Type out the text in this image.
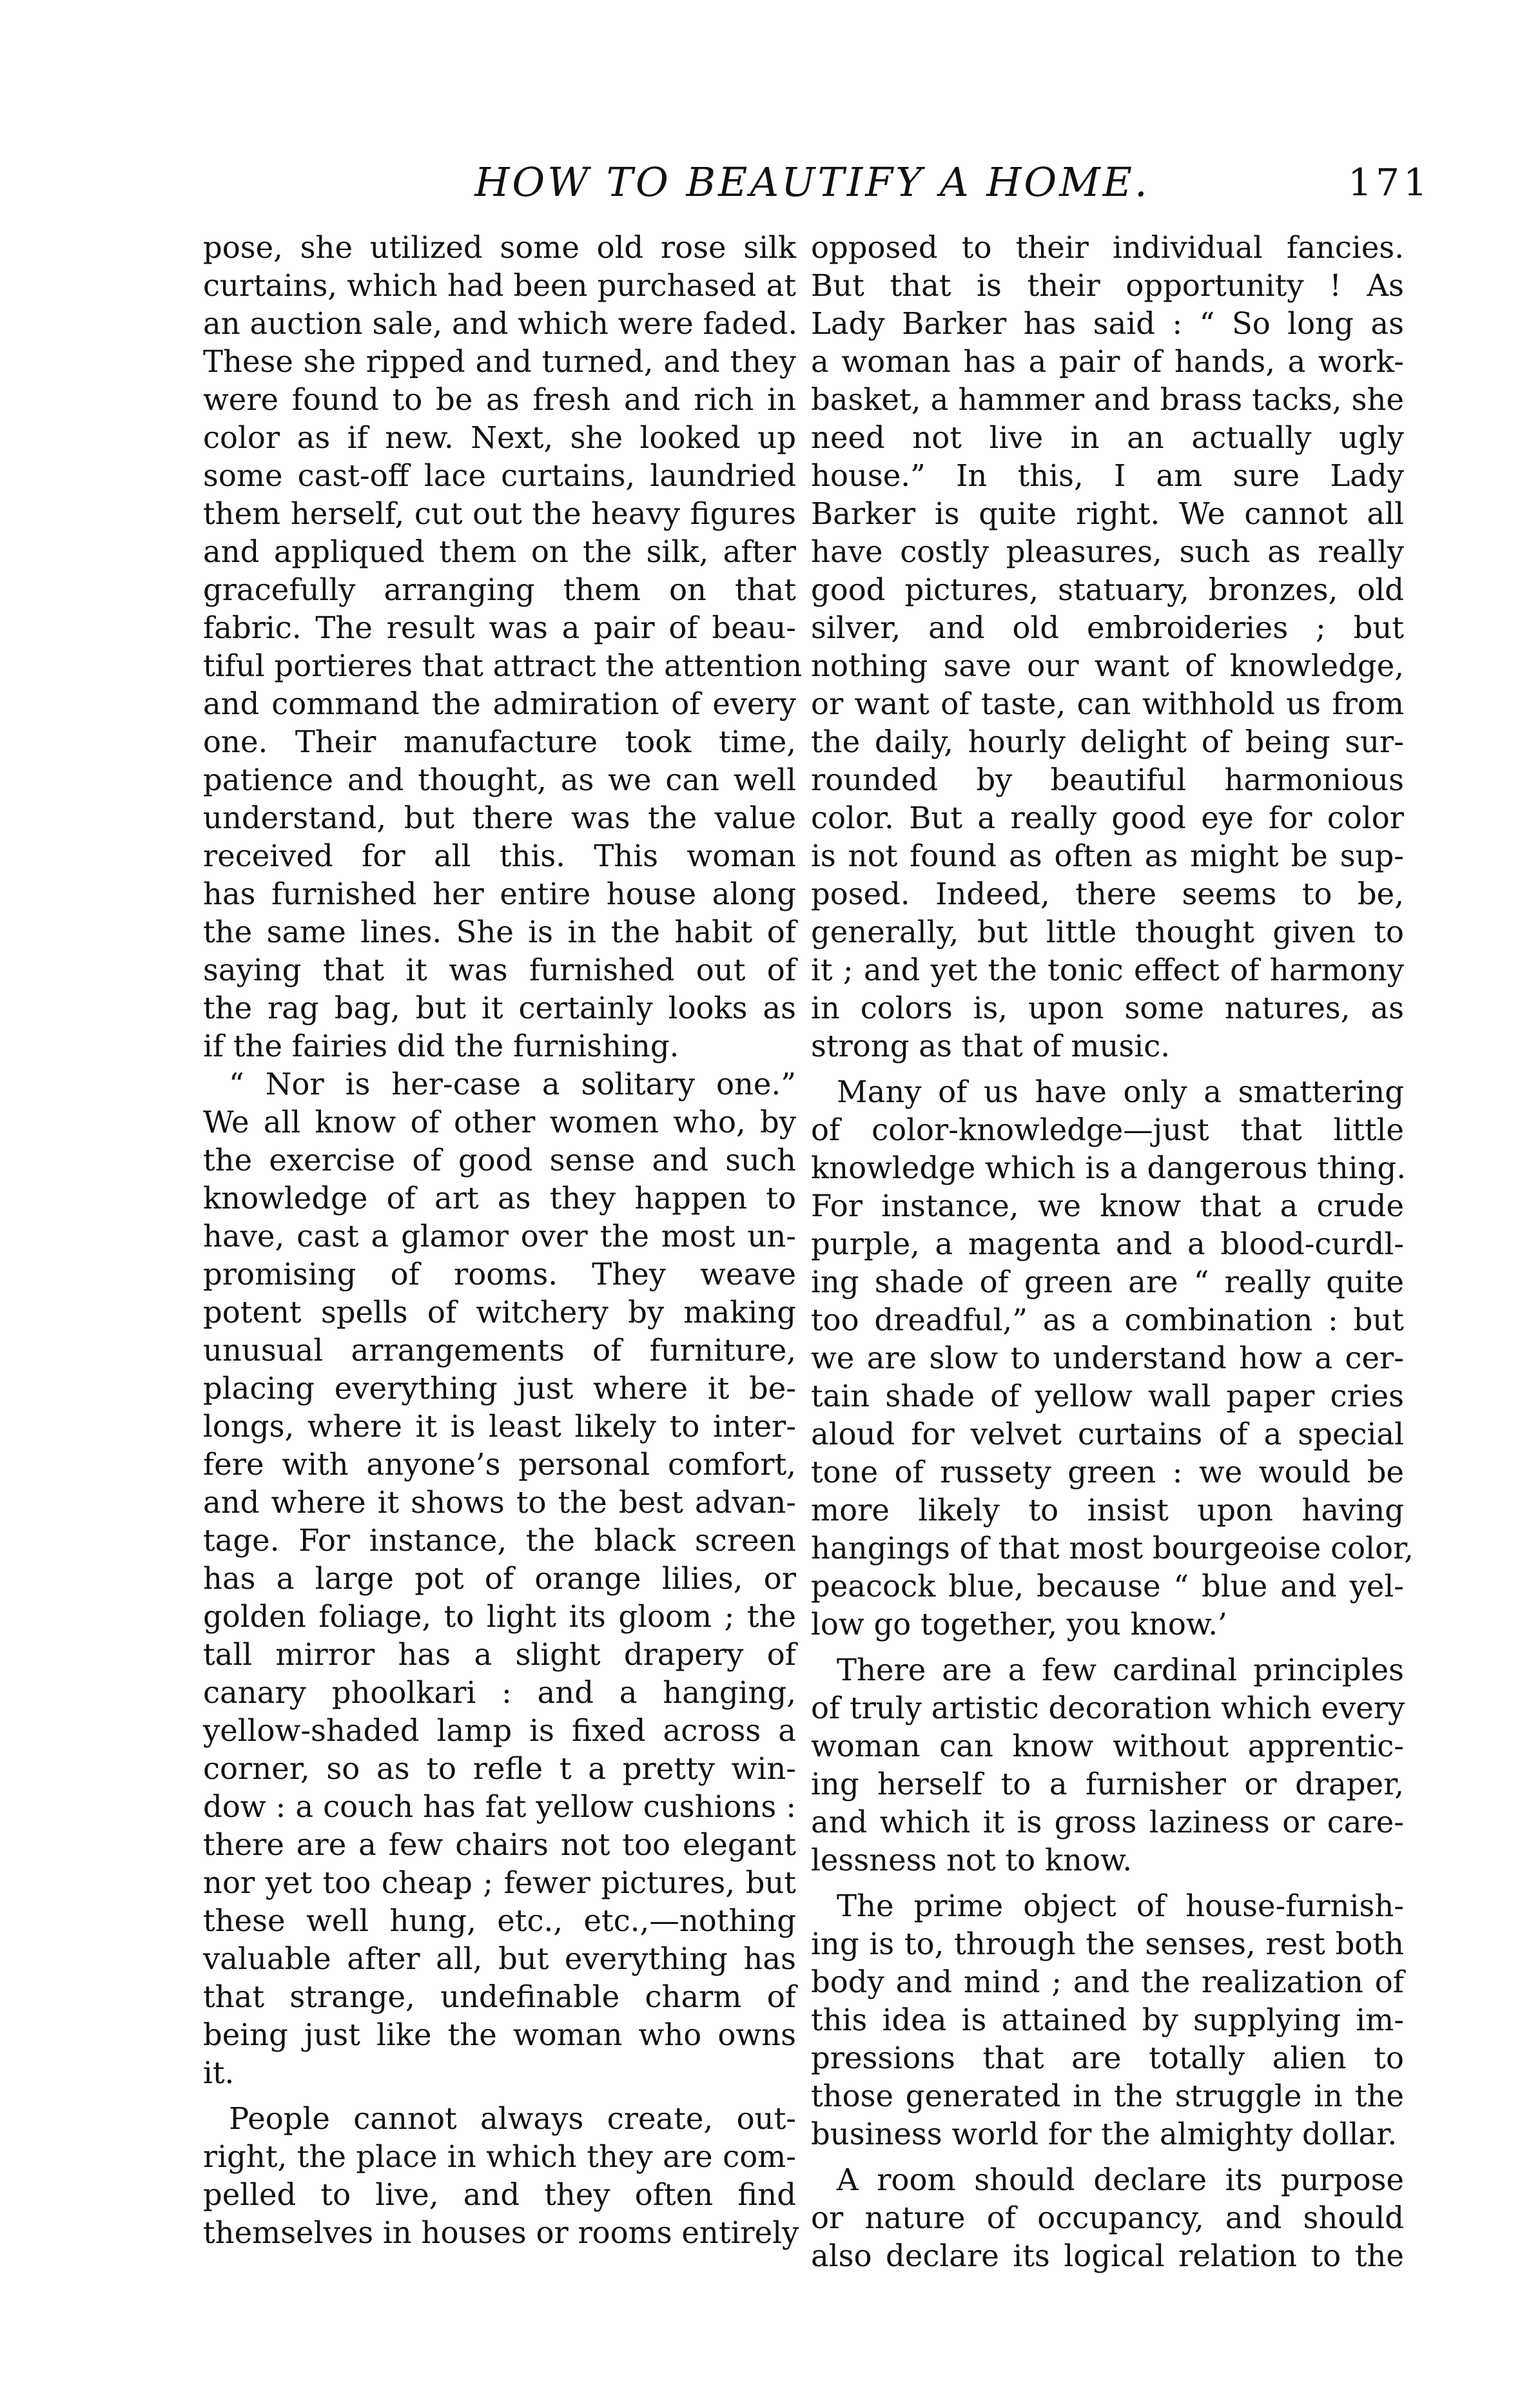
HOW TO BEAUTIFY A HOME.	171
pose, she utilized some old rose silk
curtains, which had been purchased at
an auction sale, and which were faded.
These she ripped and turned, and they
were found to be as fresh and rich in
color as if new. Next, she looked up
some cast-off lace curtains, laundried
them herself, cut out the heavy figures
and appliqued them on the silk, after
gracefully arranging them on that
fabric. The result was a pair of beau-
tiful portieres that attract the attention
and command the admiration of every
one. Their manufacture took time,
patience and thought, as we can well
understand, but there was the value
received for all this. This woman
has furnished her entire house along
the same lines. She is in the habit of
saying that it was furnished out of
the rag bag, but it certainly looks as
if the fairies did the furnishing.
“ Nor is her-case a solitary one.”
We all know of other women who, by
the exercise of good sense and such
knowledge of art as they happen to
have, cast a glamor over the most un-
promising of rooms. They weave
potent spells of witchery by making
unusual arrangements of furniture,
placing everything just where it be-
longs, where it is least likely to inter-
fere with anyone’s personal comfort,
and where it shows to the best advan-
tage. For instance, the black screen
has a large pot of orange lilies, or
golden foliage, to light its gloom ; the
tall mirror has a slight drapery of
canary phoolkari : and a hanging,
yellow-shaded lamp is fixed across a
corner, so as to refle t a pretty win-
dow : a couch has fat yellow cushions :
there are a few chairs not too elegant
nor yet too cheap ; fewer pictures, but
these well hung, etc., etc.,—nothing
valuable after all, but everything has
that strange, undefinable charm of
being just like the woman who owns
it.
People cannot always create, out-
right, the place in which they are com-
pelled to live, and they often find
themselves in houses or rooms entirely
opposed to their individual fancies.
But that is their opportunity ! As
Lady Barker has said : “ So long as
a woman has a pair of hands, a work-
basket, a hammer and brass tacks, she
need not live in an actually ugly
house.” In this, I am sure Lady
Barker is quite right. We cannot all
have costly pleasures, such as really
good pictures, statuary, bronzes, old
silver, and old embroideries ; but
nothing save our want of knowledge,
or want of taste, can withhold us from
the daily, hourly delight of being sur-
rounded by beautiful harmonious
color. But a really good eye for color
is not found as often as might be sup-
posed. Indeed, there seems to be,
generally, but little thought given to
it ; and yet the tonic effect of harmony
in colors is, upon some natures, as
strong as that of music.
Many of us have only a smattering
of color-knowledge—just that little
knowledge which is a dangerous thing.
For instance, we know that a crude
purple, a magenta and a blood-curdl-
ing shade of green are “ really quite
too dreadful,” as a combination : but
we are slow to understand how a cer-
tain shade of yellow wall paper cries
aloud for velvet curtains of a special
tone of russety green : we would be
more likely to insist upon having
hangings of that most bourgeoise color,
peacock blue, because “ blue and yel-
low go together, you know.’
There are a few cardinal principles
of truly artistic decoration which every
woman can know without apprentic-
ing herself to a furnisher or draper,
and which it is gross laziness or care-
lessness not to know.
The prime object of house-furnish-
ing is to, through the senses, rest both
body and mind ; and the realization of
this idea is attained by supplying im-
pressions that are totally alien to
those generated in the struggle in the
business world for the almighty dollar.
A room should declare its purpose
or nature of occupancy, and should
also declare its logical relation to the
